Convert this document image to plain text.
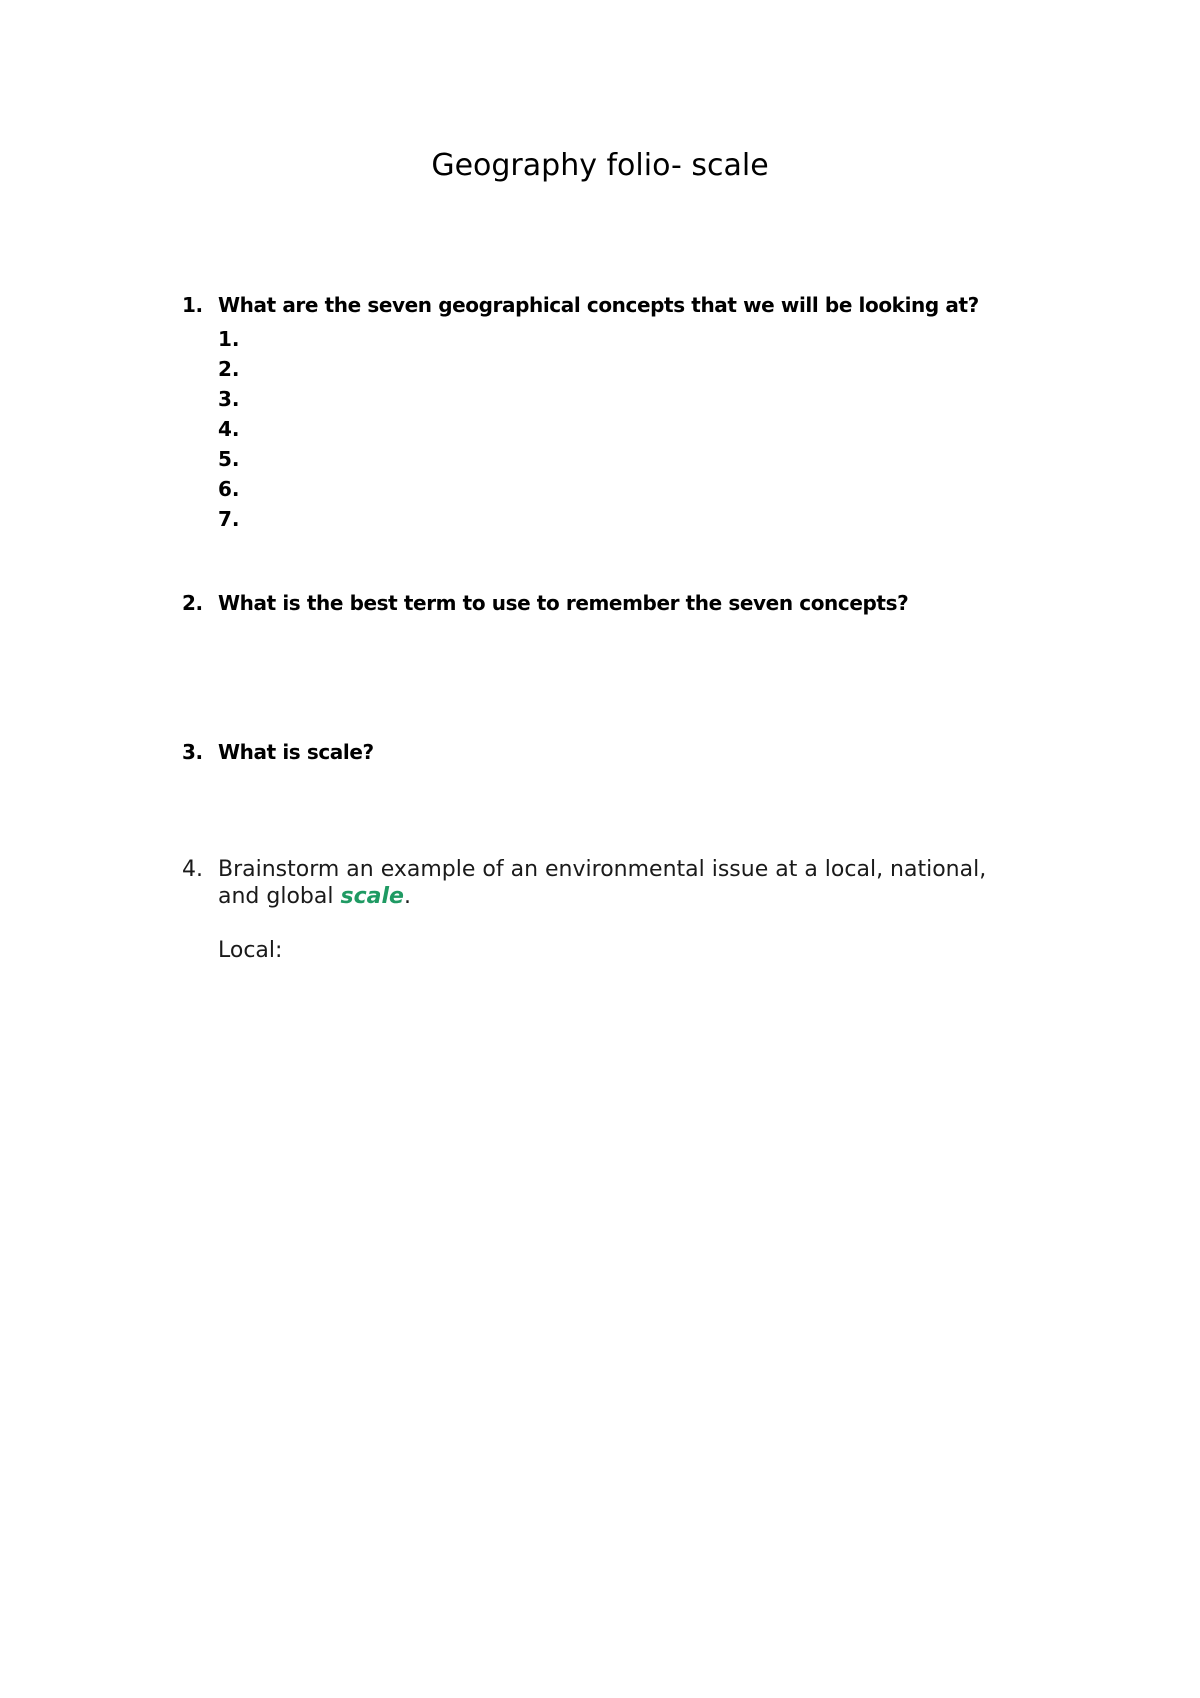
Geography folio- scale
1. What are the seven geographical concepts that we will be looking at?
1.
2.
3.
4.
5.
6.
7.
2. What is the best term to use to remember the seven concepts?
3. What is scale?
4. Brainstorm an example of an environmental issue at a local, national,
and global scale.
Local:
